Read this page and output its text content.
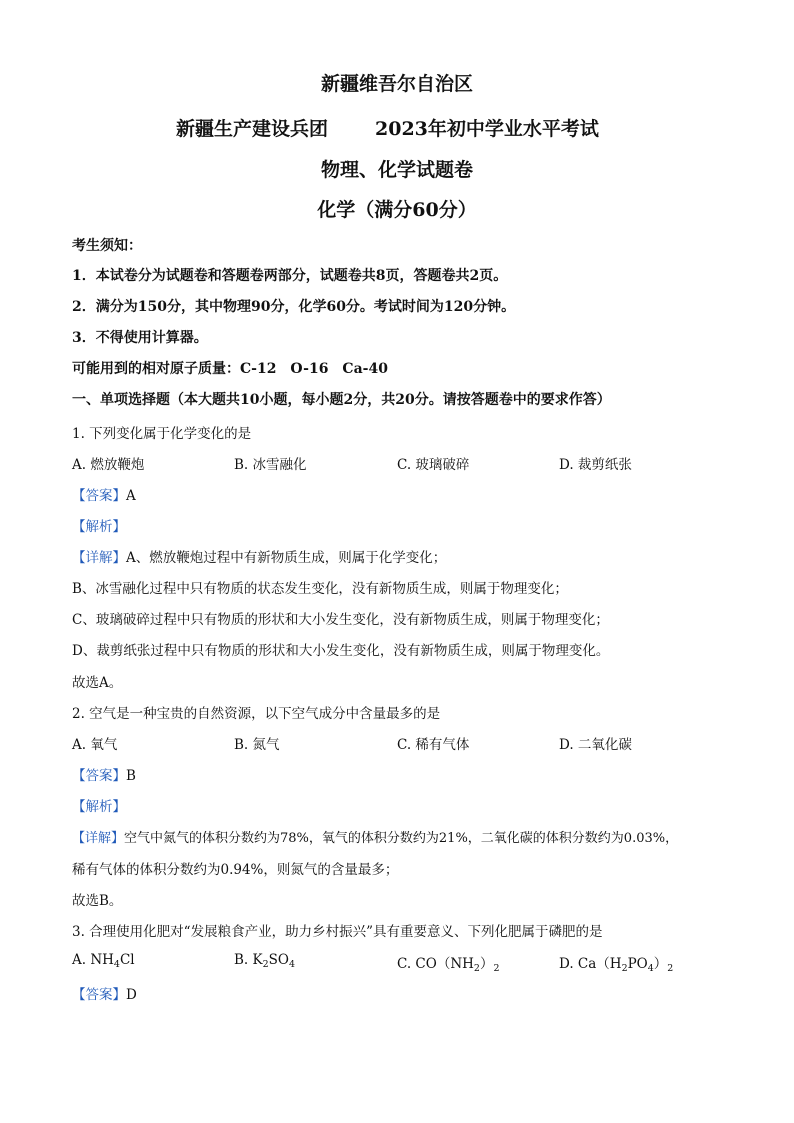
新疆维吾尔自治区
新疆生产建设兵团 2023年初中学业水平考试
物理、化学试题卷
化学（满分60分）
考生须知：
1．本试卷分为试题卷和答题卷两部分，试题卷共8页，答题卷共2页。
2．满分为150分，其中物理90分，化学60分。考试时间为120分钟。
3．不得使用计算器。
可能用到的相对原子质量：C-12　O-16　Ca-40
一、单项选择题（本大题共10小题，每小题2分，共20分。请按答题卷中的要求作答）
1. 下列变化属于化学变化的是
A. 燃放鞭炮	B. 冰雪融化	C. 玻璃破碎	D. 裁剪纸张
【答案】A
【解析】
【详解】A、燃放鞭炮过程中有新物质生成，则属于化学变化；
B、冰雪融化过程中只有物质的状态发生变化，没有新物质生成，则属于物理变化；
C、玻璃破碎过程中只有物质的形状和大小发生变化，没有新物质生成，则属于物理变化；
D、裁剪纸张过程中只有物质的形状和大小发生变化，没有新物质生成，则属于物理变化。
故选A。
2. 空气是一种宝贵的自然资源，以下空气成分中含量最多的是
A. 氧气	B. 氮气	C. 稀有气体	D. 二氧化碳
【答案】B
【解析】
【详解】空气中氮气的体积分数约为78%，氧气的体积分数约为21%，二氧化碳的体积分数约为0.03%，
稀有气体的体积分数约为0.94%，则氮气的含量最多；
故选B。
3. 合理使用化肥对“发展粮食产业，助力乡村振兴”具有重要意义、下列化肥属于磷肥的是
A. $NH_4Cl$	B. $K_2SO_4$	C. $CO(NH_2)_2$	D. $Ca(H_2PO_4)_2$
【答案】D
